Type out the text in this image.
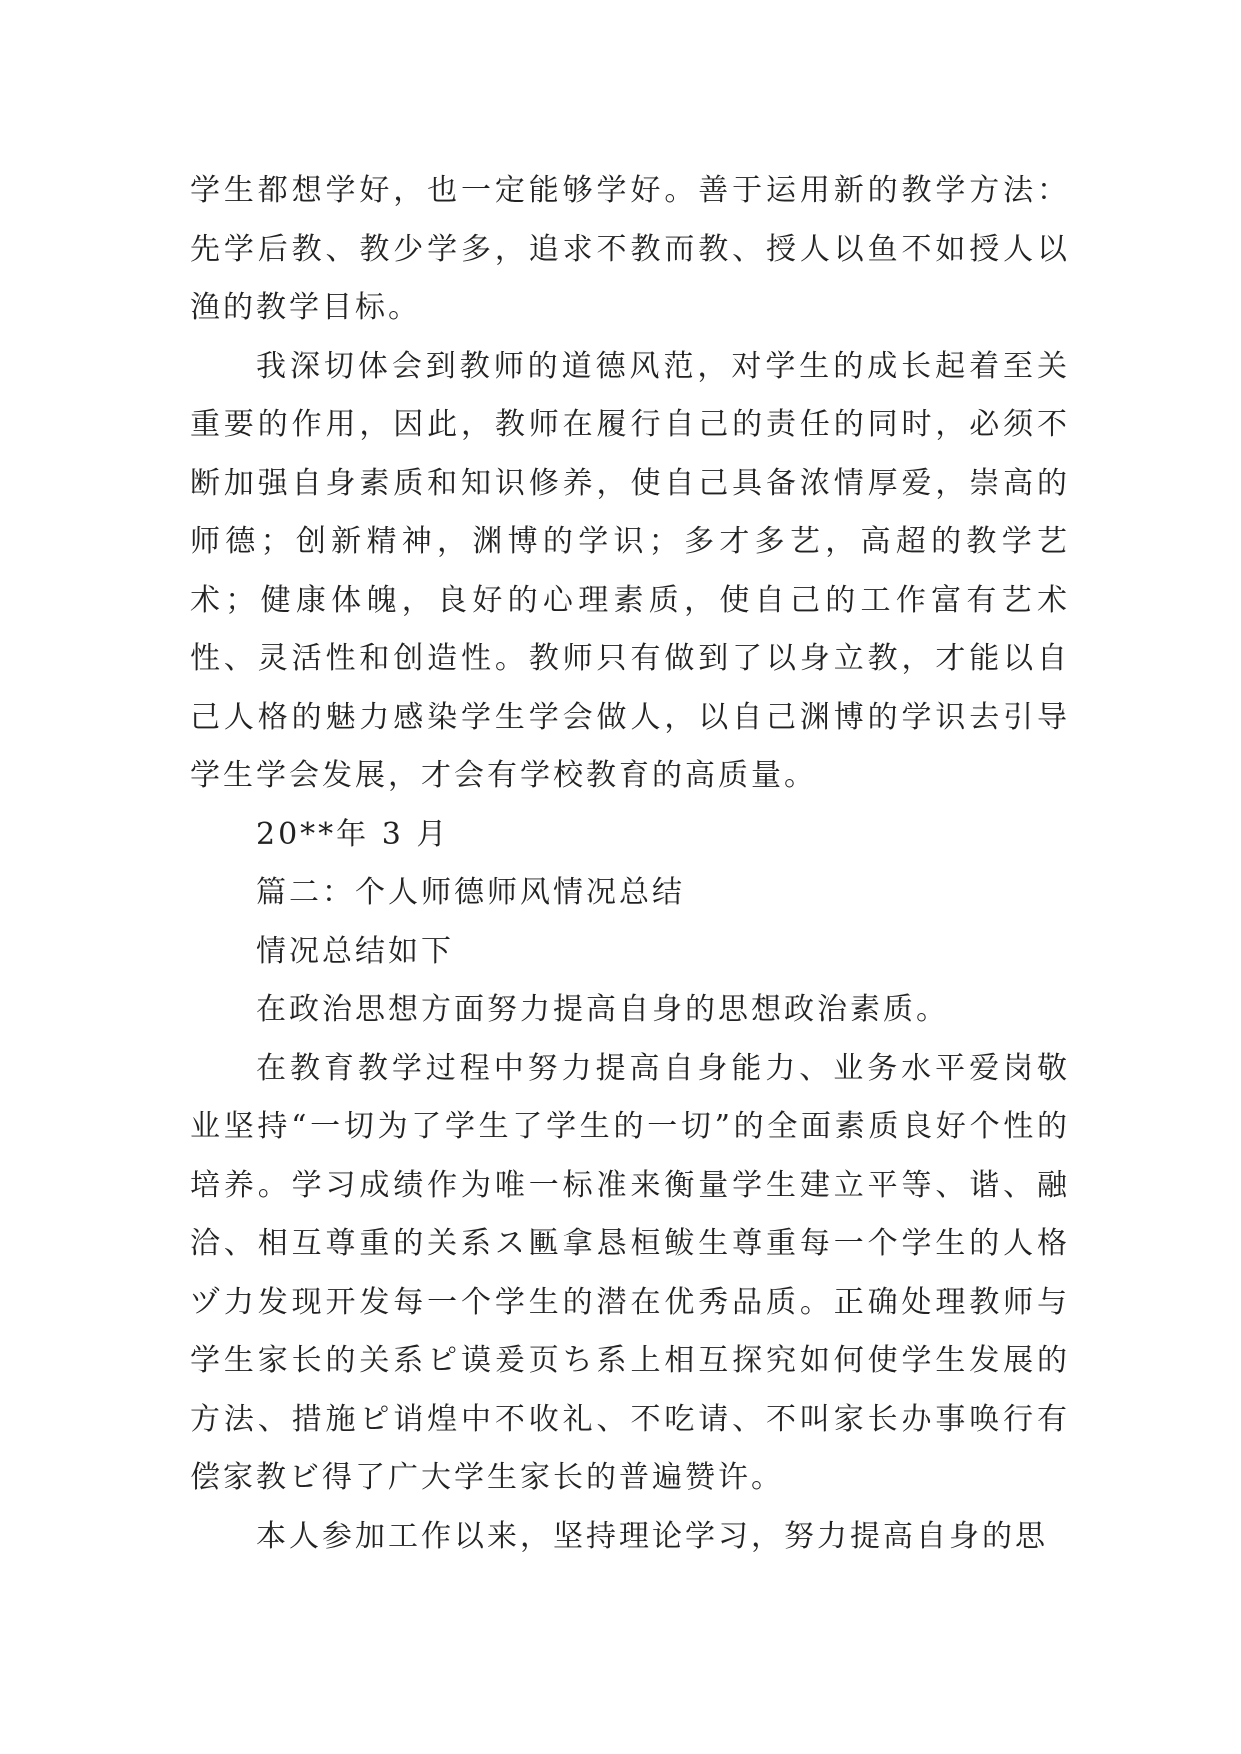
学生都想学好，也一定能够学好。善于运用新的教学方法：先学后教、教少学多，追求不教而教、授人以鱼不如授人以渔的教学目标。

我深切体会到教师的道德风范，对学生的成长起着至关重要的作用，因此，教师在履行自己的责任的同时，必须不断加强自身素质和知识修养，使自己具备浓情厚爱，崇高的师德；创新精神，渊博的学识；多才多艺，高超的教学艺术；健康体魄，良好的心理素质，使自己的工作富有艺术性、灵活性和创造性。教师只有做到了以身立教，才能以自己人格的魅力感染学生学会做人，以自己渊博的学识去引导学生学会发展，才会有学校教育的高质量。

20**年 3 月

篇二：个人师德师风情况总结

情况总结如下

在政治思想方面努力提高自身的思想政治素质。

在教育教学过程中努力提高自身能力、业务水平爱岗敬业坚持“一切为了学生了学生的一切”的全面素质良好个性的培养。学习成绩作为唯一标准来衡量学生建立平等、谐、融洽、相互尊重的关系ス匭拿恳桓鲅生尊重每一个学生的人格ヅ力发现开发每一个学生的潜在优秀品质。正确处理教师与学生家长的关系ピ谟爰页ち系上相互探究如何使学生发展的方法、措施ピ诮煌中不收礼、不吃请、不叫家长办事唤行有偿家教ビ得了广大学生家长的普遍赞许。

本人参加工作以来，坚持理论学习，努力提高自身的思
